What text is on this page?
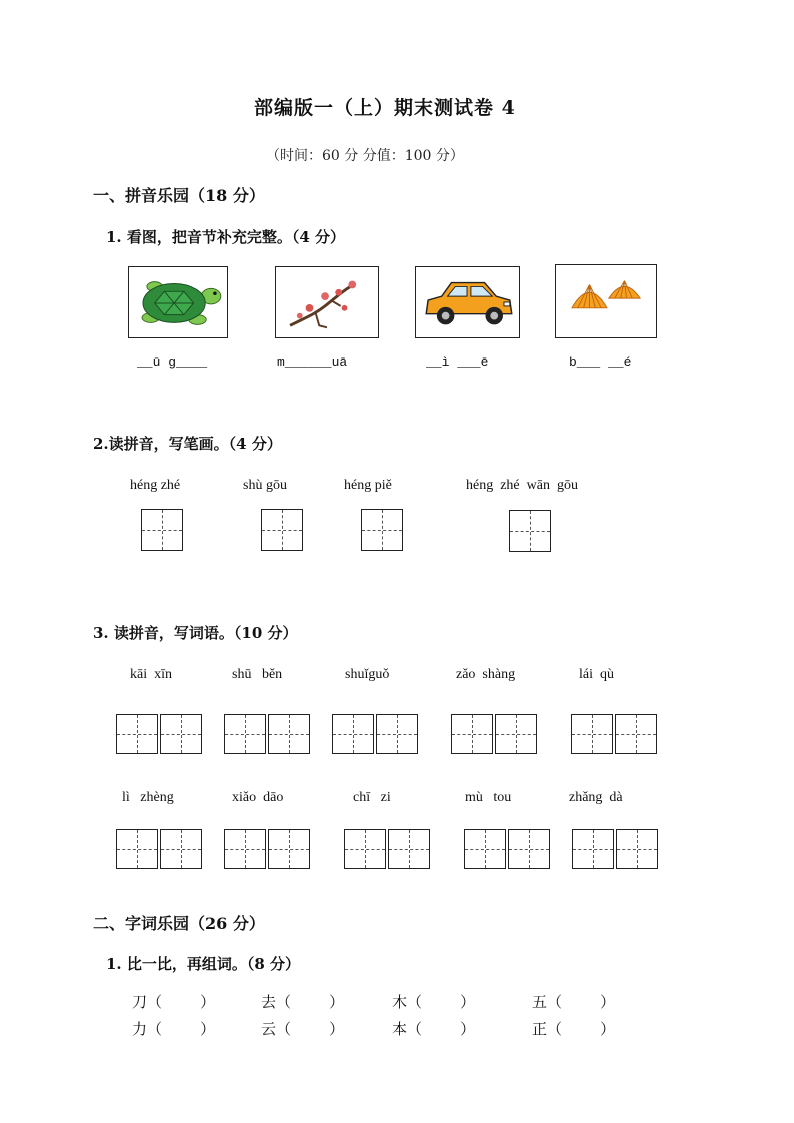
部编版一（上）期末测试卷 4
（时间：60 分 分值：100 分）
一、拼音乐园（18 分）
1. 看图，把音节补充完整。（4 分）
__ū g____	m______uā	__ì ___ē	b___ __é
2.读拼音，写笔画。（4 分）
héng zhé	shù gōu	héng piě	héng  zhé  wān  gōu
3. 读拼音，写词语。（10 分）
kāi  xīn	shū   běn	shuǐguǒ	zǎo  shàng	lái  qù
lì   zhèng	xiǎo  dāo	chī   zi	mù   tou	zhǎng  dà
二、字词乐园（26 分）
1. 比一比，再组词。（8 分）
刀（        ）	去（        ）	木（        ）	五（        ）
力（        ）	云（        ）	本（        ）	正（        ）
